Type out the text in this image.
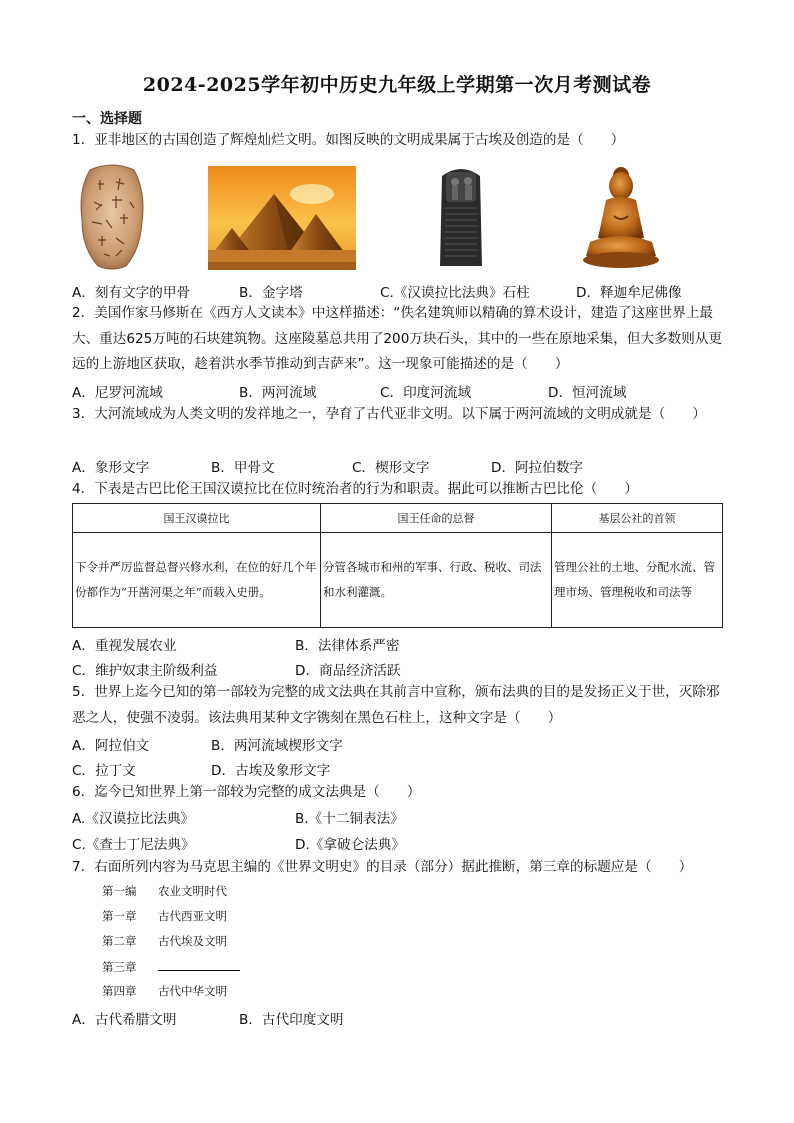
2024-2025学年初中历史九年级上学期第一次月考测试卷
一、选择题
1．亚非地区的古国创造了辉煌灿烂文明。如图反映的文明成果属于古埃及创造的是（　　）
A．刻有文字的甲骨	B．金字塔	C.《汉谟拉比法典》石柱	D．释迦牟尼佛像
2．美国作家马修斯在《西方人文读本》中这样描述：“佚名建筑师以精确的算术设计，建造了这座世界上最大、重达625万吨的石块建筑物。这座陵墓总共用了200万块石头，其中的一些在原地采集，但大多数则从更远的上游地区获取，趁着洪水季节推动到吉萨来”。这一现象可能描述的是（　　）
A．尼罗河流域	B．两河流域	C．印度河流域	D．恒河流域
3．大河流域成为人类文明的发祥地之一，孕育了古代亚非文明。以下属于两河流域的文明成就是（　　）
A．象形文字	B．甲骨文	C．楔形文字	D．阿拉伯数字
4．下表是古巴比伦王国汉谟拉比在位时统治者的行为和职责。据此可以推断古巴比伦（　　）
国王汉谟拉比	国王任命的总督	基层公社的首领
下令并严厉监督总督兴修水利，在位的好几个年份都作为“开凿河渠之年”而载入史册。	分管各城市和州的军事、行政、税收、司法和水利灌溉。	管理公社的土地、分配水流、管理市场、管理税收和司法等
A．重视发展农业	B．法律体系严密
C．维护奴隶主阶级利益	D．商品经济活跃
5．世界上迄今已知的第一部较为完整的成文法典在其前言中宣称，颁布法典的目的是发扬正义于世，灭除邪恶之人，使强不凌弱。该法典用某种文字镌刻在黑色石柱上，这种文字是（　　）
A．阿拉伯文	B．两河流域楔形文字
C．拉丁文	D．古埃及象形文字
6．迄今已知世界上第一部较为完整的成文法典是（　　）
A.《汉谟拉比法典》	B.《十二铜表法》
C.《查士丁尼法典》	D.《拿破仑法典》
7．右面所列内容为马克思主编的《世界文明史》的目录（部分）据此推断，第三章的标题应是（　　）
第一编 农业文明时代
第一章 古代西亚文明
第二章 古代埃及文明
第三章
第四章 古代中华文明
A．古代希腊文明	B．古代印度文明
